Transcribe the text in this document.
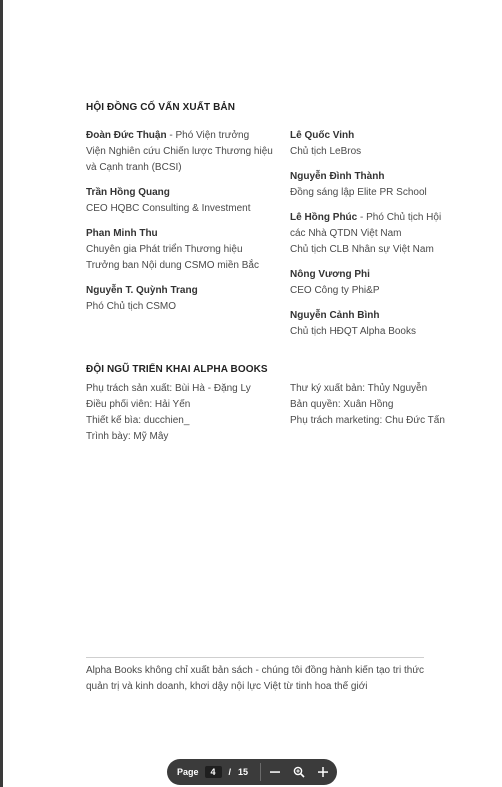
HỘI ĐỒNG CỐ VẤN XUẤT BẢN
Đoàn Đức Thuận - Phó Viện trưởng
Viện Nghiên cứu Chiến lược Thương hiệu
và Cạnh tranh (BCSI)
Trần Hồng Quang
CEO HQBC Consulting & Investment
Phan Minh Thu
Chuyên gia Phát triển Thương hiệu
Trưởng ban Nội dung CSMO miền Bắc
Nguyễn T. Quỳnh Trang
Phó Chủ tịch CSMO
Lê Quốc Vinh
Chủ tịch LeBros
Nguyễn Đình Thành
Đồng sáng lập Elite PR School
Lê Hồng Phúc - Phó Chủ tịch Hội
các Nhà QTDN Việt Nam
Chủ tịch CLB Nhân sự Việt Nam
Nông Vương Phi
CEO Công ty Phi&P
Nguyễn Cảnh Bình
Chủ tịch HĐQT Alpha Books
ĐỘI NGŨ TRIỂN KHAI ALPHA BOOKS
Phụ trách sản xuất: Bùi Hà - Đặng Ly
Điều phối viên: Hải Yến
Thiết kế bìa: ducchien_
Trình bày: Mỹ Mây
Thư ký xuất bản: Thủy Nguyễn
Bản quyền: Xuân Hồng
Phụ trách marketing: Chu Đức Tấn
Alpha Books không chỉ xuất bản sách - chúng tôi đồng hành kiến tạo tri thức quản trị và kinh doanh, khơi dậy nội lực Việt từ tinh hoa thế giới
Page	4	/ 15
